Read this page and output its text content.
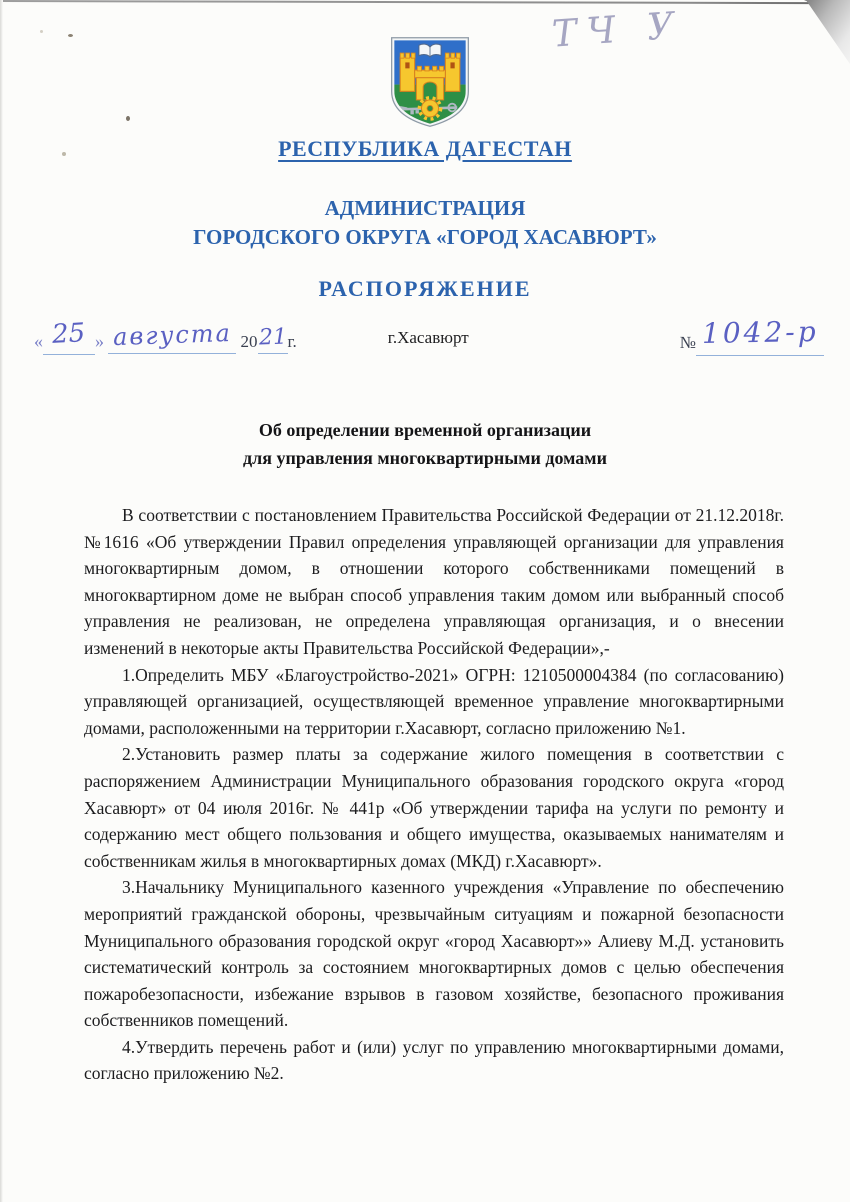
ТЧ У
РЕСПУБЛИКА ДАГЕСТАН
АДМИНИСТРАЦИЯ
ГОРОДСКОГО ОКРУГА «ГОРОД ХАСАВЮРТ»
РАСПОРЯЖЕНИЕ
« 25 » августа 2021г.	г.Хасавюрт	№ 1042-р
Об определении временной организации
для управления многоквартирными домами

В соответствии с постановлением Правительства Российской Федерации от 21.12.2018г. №1616 «Об утверждении Правил определения управляющей организации для управления многоквартирным домом, в отношении которого собственниками помещений в многоквартирном доме не выбран способ управления таким домом или выбранный способ управления не реализован, не определена управляющая организация, и о внесении изменений в некоторые акты Правительства Российской Федерации»,-

1.Определить МБУ «Благоустройство-2021» ОГРН: 1210500004384 (по согласованию) управляющей организацией, осуществляющей временное управление многоквартирными домами, расположенными на территории г.Хасавюрт, согласно приложению №1.

2.Установить размер платы за содержание жилого помещения в соответствии с распоряжением Администрации Муниципального образования городского округа «город Хасавюрт» от 04 июля 2016г. № 441р «Об утверждении тарифа на услуги по ремонту и содержанию мест общего пользования и общего имущества, оказываемых нанимателям и собственникам жилья в многоквартирных домах (МКД) г.Хасавюрт».

3.Начальнику Муниципального казенного учреждения «Управление по обеспечению мероприятий гражданской обороны, чрезвычайным ситуациям и пожарной безопасности Муниципального образования городской округ «город Хасавюрт»» Алиеву М.Д. установить систематический контроль за состоянием многоквартирных домов с целью обеспечения пожаробезопасности, избежание взрывов в газовом хозяйстве, безопасного проживания собственников помещений.

4.Утвердить перечень работ и (или) услуг по управлению многоквартирными домами, согласно приложению №2.
